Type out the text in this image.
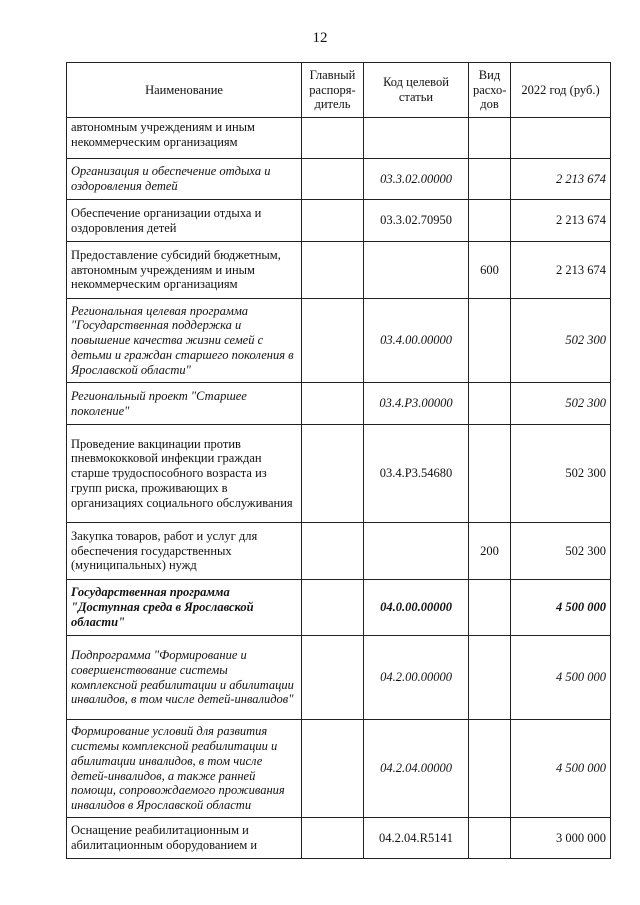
12
Наименование	Главный распоря-дитель	Код целевой статьи	Вид расхо-дов	2022 год (руб.)
автономным учреждениям и иным некоммерческим организациям				
Организация и обеспечение отдыха и оздоровления детей		03.3.02.00000		2 213 674
Обеспечение организации отдыха и оздоровления детей		03.3.02.70950		2 213 674
Предоставление субсидий бюджетным, автономным учреждениям и иным некоммерческим организациям			600	2 213 674
Региональная целевая программа "Государственная поддержка и повышение качества жизни семей с детьми и граждан старшего поколения в Ярославской области"		03.4.00.00000		502 300
Региональный проект "Старшее поколение"		03.4.P3.00000		502 300
Проведение вакцинации против пневмококковой инфекции граждан старше трудоспособного возраста из групп риска, проживающих в организациях социального обслуживания		03.4.P3.54680		502 300
Закупка товаров, работ и услуг для обеспечения государственных (муниципальных) нужд			200	502 300
Государственная программа "Доступная среда в Ярославской области"		04.0.00.00000		4 500 000
Подпрограмма "Формирование и совершенствование системы комплексной реабилитации и абилитации инвалидов, в том числе детей-инвалидов"		04.2.00.00000		4 500 000
Формирование условий для развития системы комплексной реабилитации и абилитации инвалидов, в том числе детей-инвалидов, а также ранней помощи, сопровождаемого проживания инвалидов в Ярославской области		04.2.04.00000		4 500 000
Оснащение реабилитационным и абилитационным оборудованием и		04.2.04.R5141		3 000 000
